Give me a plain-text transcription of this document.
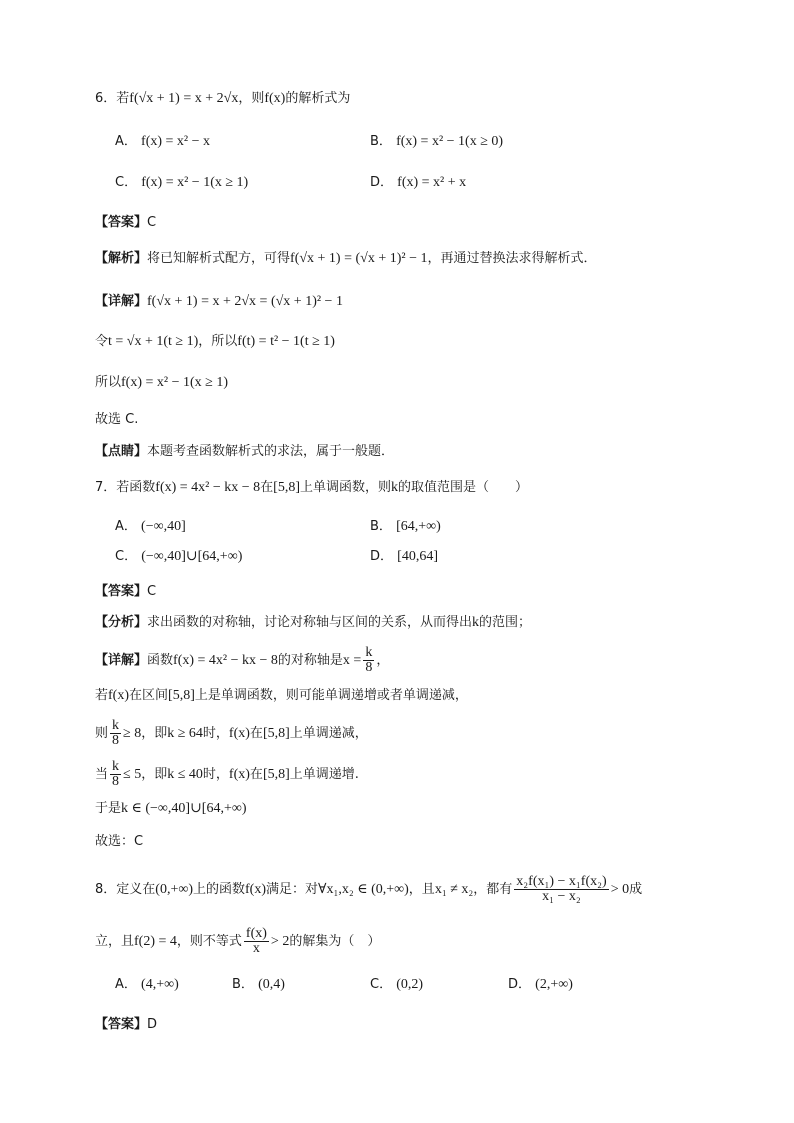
6．若f(√x + 1) = x + 2√x，则f(x)的解析式为
A． f(x) = x² − x	B． f(x) = x² − 1(x ≥ 0)
C． f(x) = x² − 1(x ≥ 1)	D． f(x) = x² + x
【答案】C
【解析】将已知解析式配方，可得f(√x + 1) = (√x + 1)² − 1，再通过替换法求得解析式．
【详解】f(√x + 1) = x + 2√x = (√x + 1)² − 1
令t = √x + 1(t ≥ 1)，所以f(t) = t² − 1(t ≥ 1)
所以f(x) = x² − 1(x ≥ 1)
故选 C.
【点睛】本题考查函数解析式的求法，属于一般题．
7．若函数f(x) = 4x² − kx − 8在[5,8]上单调函数，则k的取值范围是（　　）
A． (−∞,40]	B． [64,+∞)
C． (−∞,40]∪[64,+∞)	D． [40,64]
【答案】C
【分析】求出函数的对称轴，讨论对称轴与区间的关系，从而得出k的范围；
【详解】函数f(x) = 4x² − kx − 8的对称轴是$x = \frac{k}{8}$ ，
若f(x)在区间[5,8]上是单调函数，则可能单调递增或者单调递减，
则 $\frac{k}{8} \ge 8$，即k ≥ 64时，f(x)在[5,8]上单调递减，
当 $\frac{k}{8} \le 5$，即k ≤ 40时，f(x)在[5,8]上单调递增.
于是k ∈ (−∞,40]∪[64,+∞)
故选：C
8．定义在(0,+∞)上的函数f(x)满足：对∀x₁,x₂ ∈ (0,+∞)，且x₁ ≠ x₂，都有 $\frac{\text{x₂f(x₁) − x₁f(x₂)}}{\text{x₁ − x₂}} > 0$成
立，且f(2) = 4，则不等式 $\frac{f(x)}{x} > 2$的解集为（　）
A． (4,+∞)	B． (0,4)	C． (0,2)	D． (2,+∞)
【答案】D
